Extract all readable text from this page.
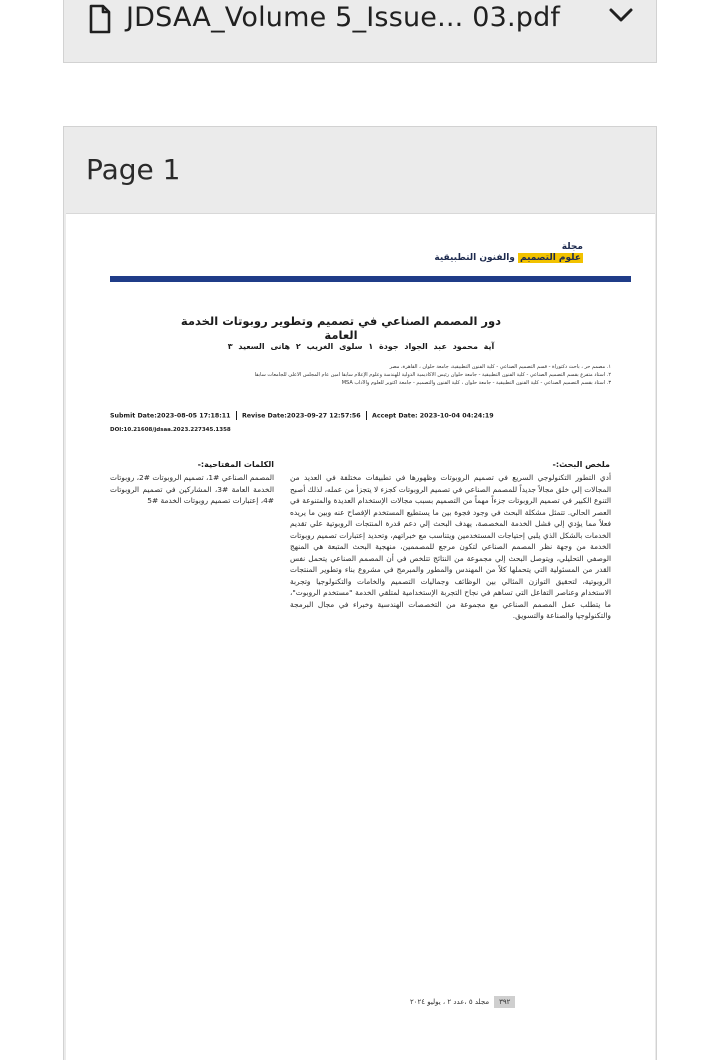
JDSAA_Volume 5_Issue... 03.pdf
Page 1
مجلة
علوم التصميم والفنون التطبيقية
دور المصمم الصناعي في تصميم وتطوير روبوتات الخدمة العامة
آية محمود عبد الجواد جودة ١ سلوى الغريب ٢ هانى السعيد ٣
١. مصمم حر ، باحث دكتوراة - قسم التصميم الصناعي - كلية الفنون التطبيقية، جامعة حلوان ، القاهرة، مصر
٢. أستاذ متفرغ بقسم التصميم الصناعي - كلية الفنون التطبيقية - جامعة حلوان رئيس الأكاديمية الدولية للهندسة وعلوم الإعلام سابقا أمين عام المجلس الأعلى للجامعات سابقا
٣. أستاذ بقسم التصميم الصناعي - كلية الفنون التطبيقية - جامعة حلوان ، كلية الفنون والتصميم - جامعة أكتوبر للعلوم والآداب MSA
Submit Date:2023-08-05 17:18:11 Revise Date:2023-09-27 12:57:56 Accept Date: 2023-10-04 04:24:19
DOI:10.21608/jdsaa.2023.227345.1358
ملخص البحث:-
أدي التطور التكنولوجي السريع في تصميم الروبوتات وظهورها في تطبيقات مختلفة في العديد من المجالات إلي خلق مجالاً جديداً للمصمم الصناعي في تصميم الروبوتات كجزء لا يتجزأ من عمله، لذلك أصبح التنوع الكبير في تصميم الروبوتات جزءاً مهماً من التصميم بسبب مجالات الإستخدام العديدة والمتنوعة في العصر الحالي. تتمثل مشكلة البحث في وجود فجوة بين ما يستطيع المستخدم الإفصاح عنه وبين ما يريده فعلاً مما يؤدي إلي فشل الخدمة المخصصة، يهدف البحث إلي دعم قدرة المنتجات الروبوتية علي تقديم الخدمات بالشكل الذي يلبي إحتياجات المستخدمين ويتناسب مع خبراتهم، وتحديد إعتبارات تصميم روبوتات الخدمة من وجهة نظر المصمم الصناعي لتكون مرجع للمصممين، منهجية البحث المتبعة هي المنهج الوصفي التحليلي، ويتوصل البحث إلي مجموعة من النتائج تتلخص في أن المصمم الصناعي يتحمل نفس القدر من المسئولية التي يتحملها كلاً من المهندس والمطور والمبرمج في مشروع بناء وتطوير المنتجات الروبوتية، لتحقيق التوازن المثالي بين الوظائف وجماليات التصميم والخامات والتكنولوجيا وتجربة الاستخدام وعناصر التفاعل التي تساهم في نجاح التجربة الإستخدامية لمتلقي الخدمة "مستخدم الروبوت"، ما يتطلب عمل المصمم الصناعي مع مجموعة من التخصصات الهندسية وخبراء في مجال البرمجة والتكنولوجيا والصناعة والتسويق.
الكلمات المفتاحية:-
المصمم الصناعي #1، تصميم الروبوتات #2، روبوتات الخدمة العامة #3، المشاركين في تصميم الروبوتات #4، إعتبارات تصميم روبوتات الخدمة #5
٣٩٢
مجلد ٥ ،عدد ٢ ، يوليو ٢٠٢٤
